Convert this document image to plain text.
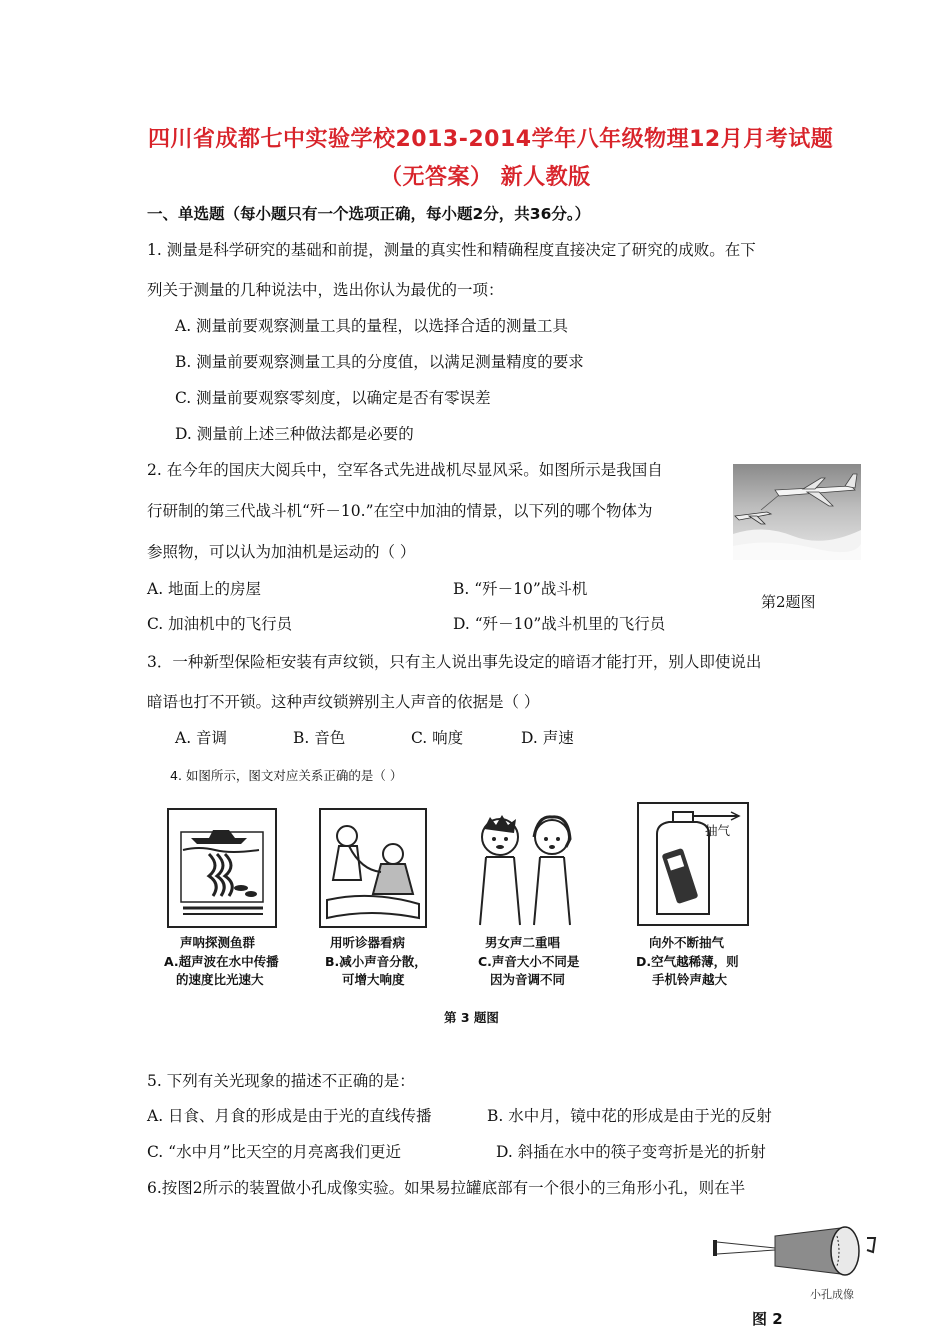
四川省成都七中实验学校2013-2014学年八年级物理12月月考试题
（无答案） 新人教版
一、单选题（每小题只有一个选项正确，每小题2分，共36分。）
1. 测量是科学研究的基础和前提，测量的真实性和精确程度直接决定了研究的成败。在下
列关于测量的几种说法中，选出你认为最优的一项：
A. 测量前要观察测量工具的量程，以选择合适的测量工具
B. 测量前要观察测量工具的分度值，以满足测量精度的要求
C. 测量前要观察零刻度，以确定是否有零误差
D. 测量前上述三种做法都是必要的
2. 在今年的国庆大阅兵中，空军各式先进战机尽显风采。如图所示是我国自
行研制的第三代战斗机“歼－10.”在空中加油的情景，以下列的哪个物体为
参照物，可以认为加油机是运动的（ ）
A. 地面上的房屋	B. “歼－10”战斗机
C. 加油机中的飞行员	D. “歼－10”战斗机里的飞行员
第2题图
3．一种新型保险柜安装有声纹锁，只有主人说出事先设定的暗语才能打开，别人即使说出
暗语也打不开锁。这种声纹锁辨别主人声音的依据是（ ）
A. 音调	B. 音色	C. 响度	D. 声速
4. 如图所示，图文对应关系正确的是（ ）
声呐探测鱼群
A.超声波在水中传播
的速度比光速大
用听诊器看病
B.减小声音分散，
可增大响度
男女声二重唱
C.声音大小不同是
因为音调不同
抽气
向外不断抽气
D.空气越稀薄，则
手机铃声越大
第 3 题图
5. 下列有关光现象的描述不正确的是：
A. 日食、月食的形成是由于光的直线传播	B. 水中月，镜中花的形成是由于光的反射
C. “水中月”比天空的月亮离我们更近	D. 斜插在水中的筷子变弯折是光的折射
6.按图2所示的装置做小孔成像实验。如果易拉罐底部有一个很小的三角形小孔，则在半
小孔成像
图 2
